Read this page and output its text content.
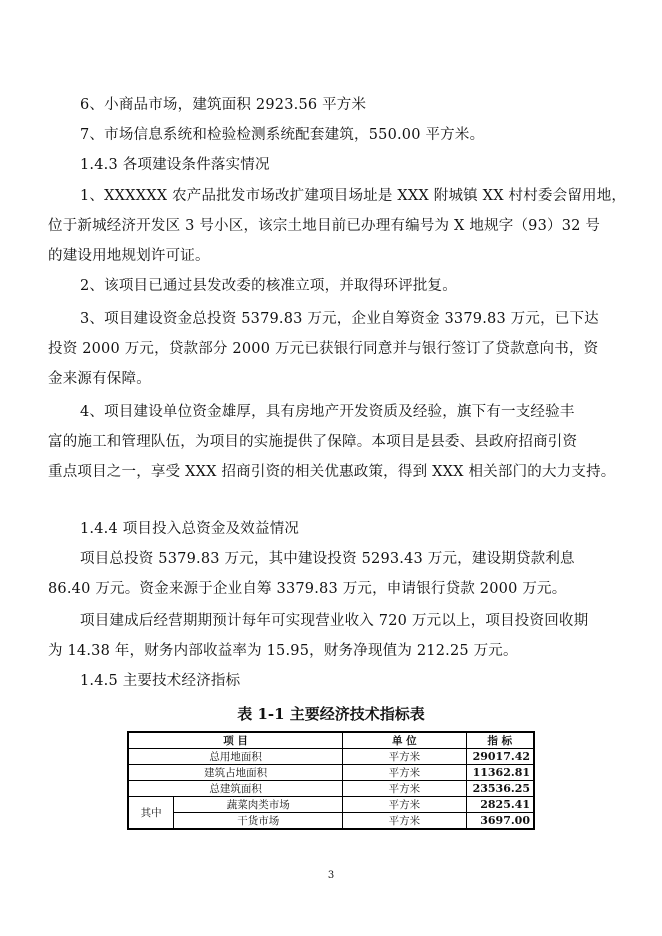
6、小商品市场，建筑面积 2923.56 平方米
7、市场信息系统和检验检测系统配套建筑，550.00 平方米。
1.4.3 各项建设条件落实情况
1、XXXXXX 农产品批发市场改扩建项目场址是 XXX 附城镇 XX 村村委会留用地，
位于新城经济开发区 3 号小区，该宗土地目前已办理有编号为 X 地规字（93）32 号
的建设用地规划许可证。
2、该项目已通过县发改委的核准立项，并取得环评批复。
3、项目建设资金总投资 5379.83 万元，企业自筹资金 3379.83 万元，已下达
投资 2000 万元，贷款部分 2000 万元已获银行同意并与银行签订了贷款意向书，资
金来源有保障。
4、项目建设单位资金雄厚，具有房地产开发资质及经验，旗下有一支经验丰
富的施工和管理队伍，为项目的实施提供了保障。本项目是县委、县政府招商引资
重点项目之一，享受 XXX 招商引资的相关优惠政策，得到 XXX 相关部门的大力支持。
1.4.4 项目投入总资金及效益情况
项目总投资 5379.83 万元，其中建设投资 5293.43 万元，建设期贷款利息
86.40 万元。资金来源于企业自筹 3379.83 万元，申请银行贷款 2000 万元。
项目建成后经营期期预计每年可实现营业收入 720 万元以上，项目投资回收期
为 14.38 年，财务内部收益率为 15.95，财务净现值为 212.25 万元。
1.4.5 主要技术经济指标
表 1-1 主要经济技术指标表
项 目		单 位	指 标
总用地面积		平方米	29017.42
建筑占地面积		平方米	11362.81
总建筑面积		平方米	23536.25
其中	蔬菜肉类市场	平方米	2825.41
	干货市场	平方米	3697.00
3
